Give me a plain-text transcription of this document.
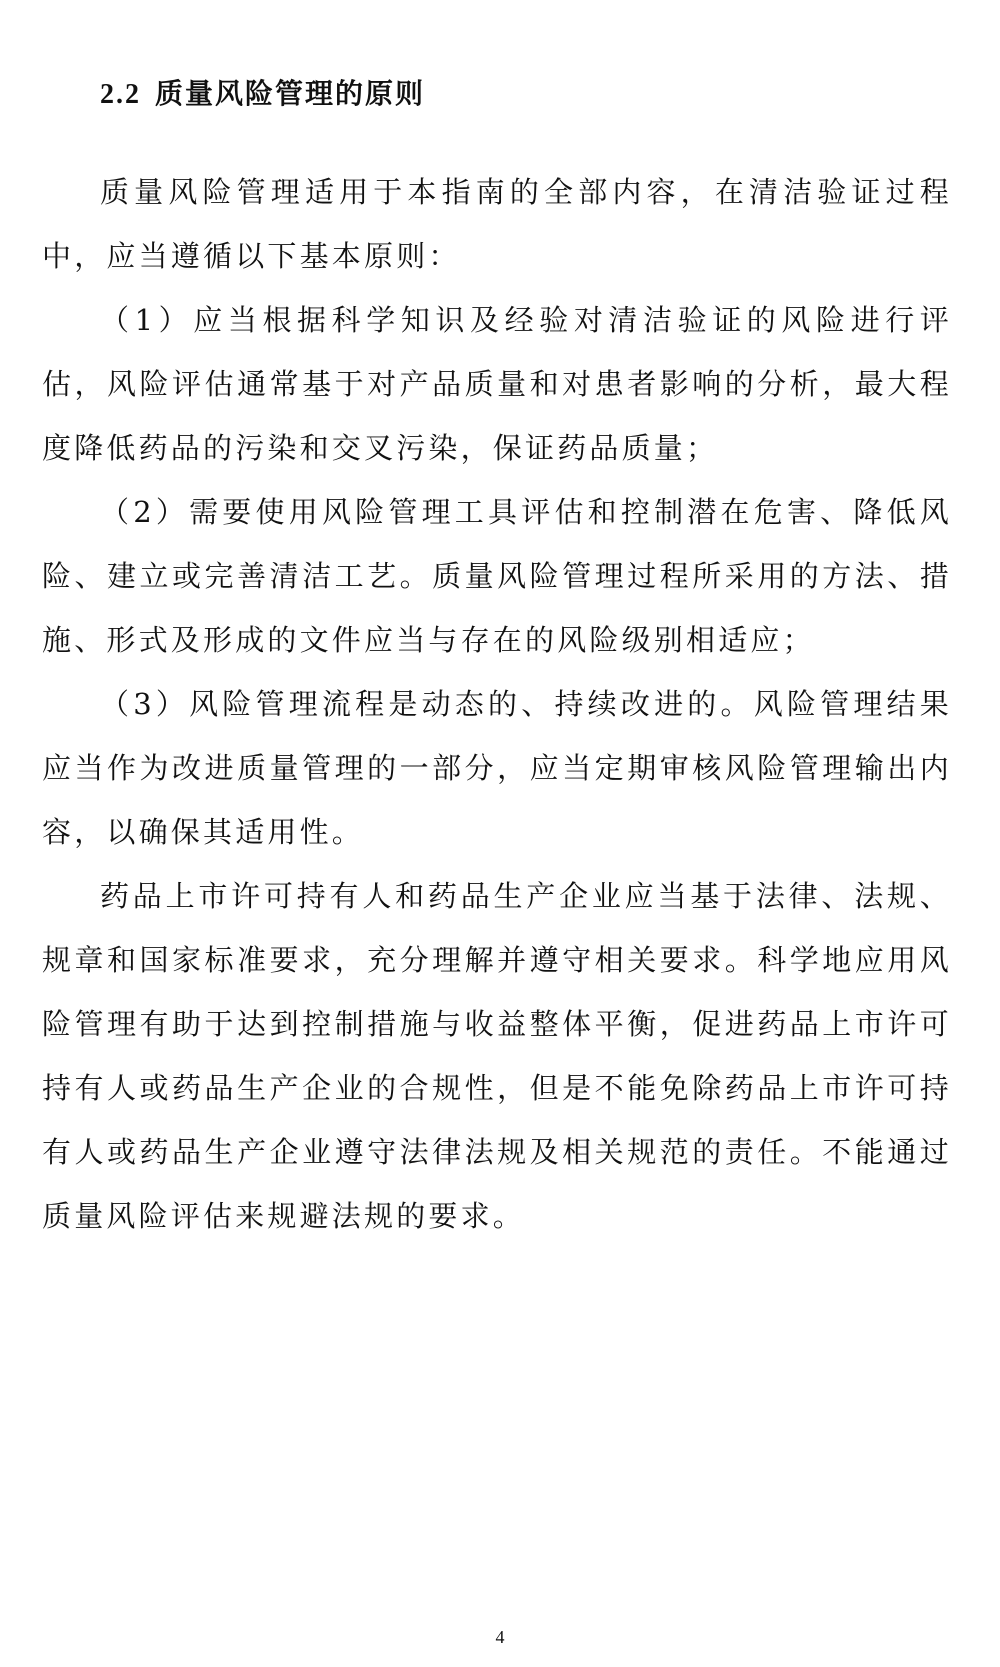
2.2 质量风险管理的原则

质量风险管理适用于本指南的全部内容，在清洁验证过程中，应当遵循以下基本原则：

（1）应当根据科学知识及经验对清洁验证的风险进行评估，风险评估通常基于对产品质量和对患者影响的分析，最大程度降低药品的污染和交叉污染，保证药品质量；

（2）需要使用风险管理工具评估和控制潜在危害、降低风险、建立或完善清洁工艺。质量风险管理过程所采用的方法、措施、形式及形成的文件应当与存在的风险级别相适应；

（3）风险管理流程是动态的、持续改进的。风险管理结果应当作为改进质量管理的一部分，应当定期审核风险管理输出内容，以确保其适用性。

药品上市许可持有人和药品生产企业应当基于法律、法规、规章和国家标准要求，充分理解并遵守相关要求。科学地应用风险管理有助于达到控制措施与收益整体平衡，促进药品上市许可持有人或药品生产企业的合规性，但是不能免除药品上市许可持有人或药品生产企业遵守法律法规及相关规范的责任。不能通过质量风险评估来规避法规的要求。

4
